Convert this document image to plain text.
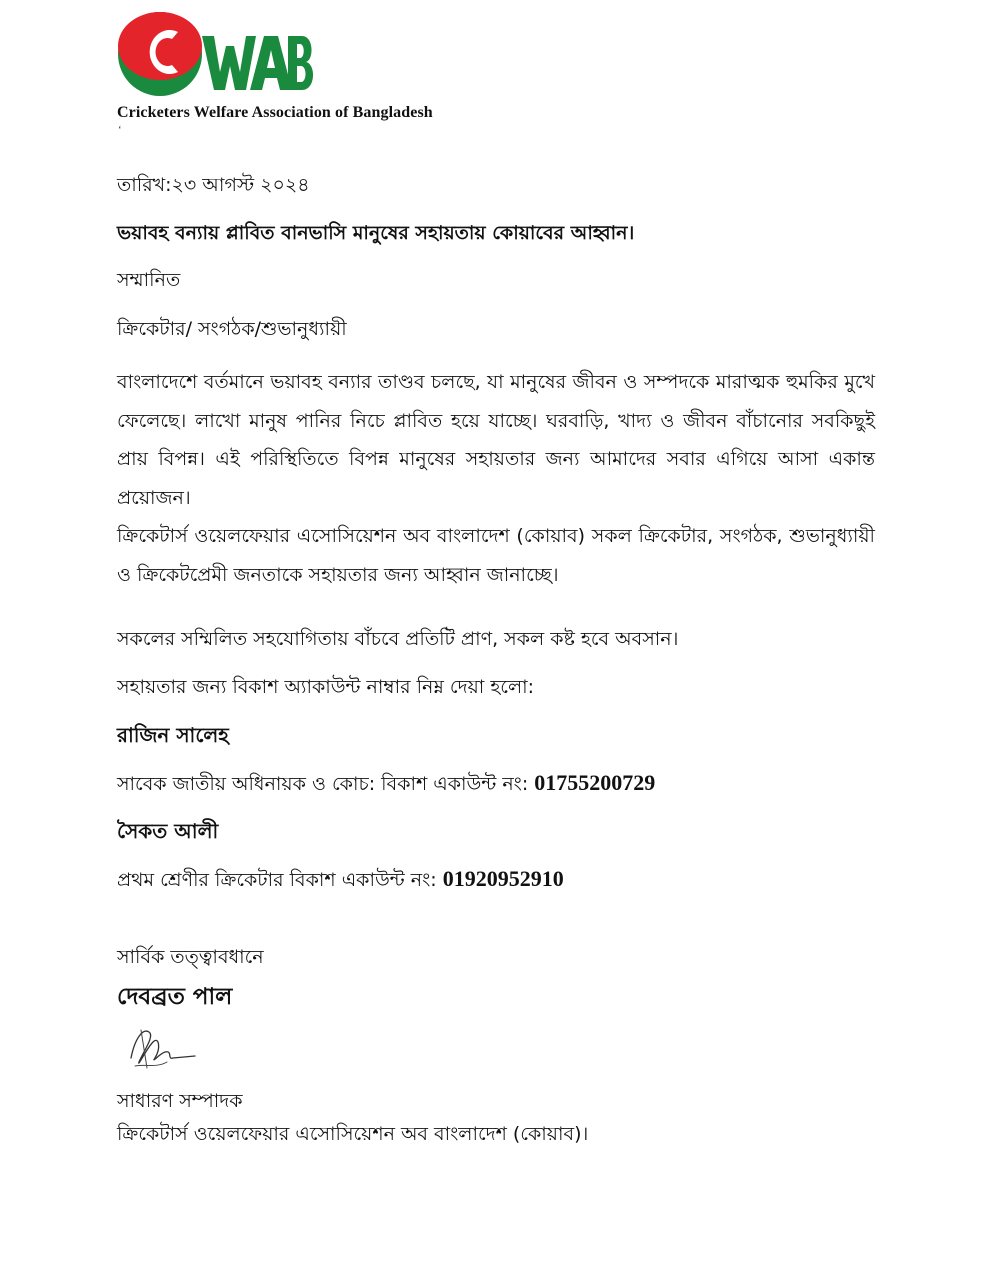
Cricketers Welfare Association of Bangladesh
‘

তারিখ:২৩ আগস্ট ২০২৪

ভয়াবহ বন্যায় প্লাবিত বানভাসি মানুষের সহায়তায় কোয়াবের আহ্বান।

সম্মানিত

ক্রিকেটার/ সংগঠক/শুভানুধ্যায়ী

বাংলাদেশে বর্তমানে ভয়াবহ বন্যার তাণ্ডব চলছে, যা মানুষের জীবন ও সম্পদকে মারাত্মক হুমকির মুখে ফেলেছে। লাখো মানুষ পানির নিচে প্লাবিত হয়ে যাচ্ছে। ঘরবাড়ি, খাদ্য ও জীবন বাঁচানোর সবকিছুই প্রায় বিপন্ন। এই পরিস্থিতিতে বিপন্ন মানুষের সহায়তার জন্য আমাদের সবার এগিয়ে আসা একান্ত প্রয়োজন।

ক্রিকেটার্স ওয়েলফেয়ার এসোসিয়েশন অব বাংলাদেশ (কোয়াব) সকল ক্রিকেটার, সংগঠক, শুভানুধ্যায়ী ও ক্রিকেটপ্রেমী জনতাকে সহায়তার জন্য আহ্বান জানাচ্ছে।

সকলের সম্মিলিত সহযোগিতায় বাঁচবে প্রতিটি প্রাণ, সকল কষ্ট হবে অবসান।

সহায়তার জন্য বিকাশ অ্যাকাউন্ট নাম্বার নিম্ন দেয়া হলো:

রাজিন সালেহ

সাবেক জাতীয় অধিনায়ক ও কোচ: বিকাশ একাউন্ট নং: 01755200729

সৈকত আলী

প্রথম শ্রেণীর ক্রিকেটার বিকাশ একাউন্ট নং: 01920952910

সার্বিক তত্ত্বাবধানে

দেবব্রত পাল

সাধারণ সম্পাদক

ক্রিকেটার্স ওয়েলফেয়ার এসোসিয়েশন অব বাংলাদেশ (কোয়াব)।
